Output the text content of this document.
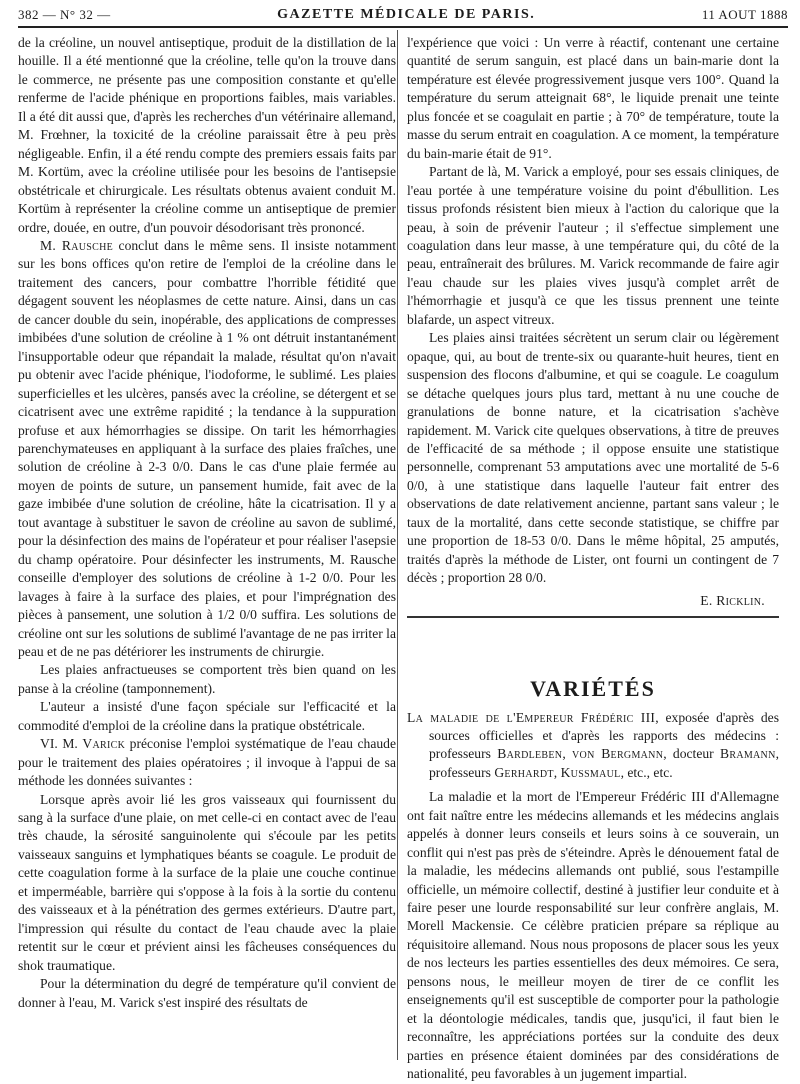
382 — N° 32 —	GAZETTE MÉDICALE DE PARIS.	11 AOUT 1888

de la créoline, un nouvel antiseptique, produit de la distillation de la houille. Il a été mentionné que la créoline, telle qu'on la trouve dans le commerce, ne présente pas une composition constante et qu'elle renferme de l'acide phénique en proportions faibles, mais variables. Il a été dit aussi que, d'après les recherches d'un vétérinaire allemand, M. Frœhner, la toxicité de la créoline paraissait être à peu près négligeable. Enfin, il a été rendu compte des premiers essais faits par M. Kortüm, avec la créoline utilisée pour les besoins de l'antisepsie obstétricale et chirurgicale. Les résultats obtenus avaient conduit M. Kortüm à représenter la créoline comme un antiseptique de premier ordre, douée, en outre, d'un pouvoir désodorisant très prononcé.

M. Rausche conclut dans le même sens. Il insiste notamment sur les bons offices qu'on retire de l'emploi de la créoline dans le traitement des cancers, pour combattre l'horrible fétidité que dégagent souvent les néoplasmes de cette nature. Ainsi, dans un cas de cancer double du sein, inopérable, des applications de compresses imbibées d'une solution de créoline à 1 % ont détruit instantanément l'insupportable odeur que répandait la malade, résultat qu'on n'avait pu obtenir avec l'acide phénique, l'iodoforme, le sublimé. Les plaies superficielles et les ulcères, pansés avec la créoline, se détergent et se cicatrisent avec une extrême rapidité ; la tendance à la suppuration profuse et aux hémorrhagies se dissipe. On tarit les hémorrhagies parenchymateuses en appliquant à la surface des plaies fraîches, une solution de créoline à 2-3 0/0. Dans le cas d'une plaie fermée au moyen de points de suture, un pansement humide, fait avec de la gaze imbibée d'une solution de créoline, hâte la cicatrisation. Il y a tout avantage à substituer le savon de créoline au savon de sublimé, pour la désinfection des mains de l'opérateur et pour réaliser l'asepsie du champ opératoire. Pour désinfecter les instruments, M. Rausche conseille d'employer des solutions de créoline à 1-2 0/0. Pour les lavages à faire à la surface des plaies, et pour l'imprégnation des pièces à pansement, une solution à 1/2 0/0 suffira. Les solutions de créoline ont sur les solutions de sublimé l'avantage de ne pas irriter la peau et de ne pas détériorer les instruments de chirurgie.

Les plaies anfractueuses se comportent très bien quand on les panse à la créoline (tamponnement).

L'auteur a insisté d'une façon spéciale sur l'efficacité et la commodité d'emploi de la créoline dans la pratique obstétricale.

VI. M. Varick préconise l'emploi systématique de l'eau chaude pour le traitement des plaies opératoires ; il invoque à l'appui de sa méthode les données suivantes :

Lorsque après avoir lié les gros vaisseaux qui fournissent du sang à la surface d'une plaie, on met celle-ci en contact avec de l'eau très chaude, la sérosité sanguinolente qui s'écoule par les petits vaisseaux sanguins et lymphatiques béants se coagule. Le produit de cette coagulation forme à la surface de la plaie une couche continue et imperméable, barrière qui s'oppose à la fois à la sortie du contenu des vaisseaux et à la pénétration des germes extérieurs. D'autre part, l'impression qui résulte du contact de l'eau chaude avec la plaie retentit sur le cœur et prévient ainsi les fâcheuses conséquences du shok traumatique.

Pour la détermination du degré de température qu'il convient de donner à l'eau, M. Varick s'est inspiré des résultats de

l'expérience que voici : Un verre à réactif, contenant une certaine quantité de serum sanguin, est placé dans un bain-marie dont la température est élevée progressivement jusque vers 100°. Quand la température du serum atteignait 68°, le liquide prenait une teinte plus foncée et se coagulait en partie ; à 70° de température, toute la masse du serum entrait en coagulation. A ce moment, la température du bain-marie était de 91°.

Partant de là, M. Varick a employé, pour ses essais cliniques, de l'eau portée à une température voisine du point d'ébullition. Les tissus profonds résistent bien mieux à l'action du calorique que la peau, à soin de prévenir l'auteur ; il s'effectue simplement une coagulation dans leur masse, à une température qui, du côté de la peau, entraînerait des brûlures. M. Varick recommande de faire agir l'eau chaude sur les plaies vives jusqu'à complet arrêt de l'hémorrhagie et jusqu'à ce que les tissus prennent une teinte blafarde, un aspect vitreux.

Les plaies ainsi traitées sécrètent un serum clair ou légèrement opaque, qui, au bout de trente-six ou quarante-huit heures, tient en suspension des flocons d'albumine, et qui se coagule. Le coagulum se détache quelques jours plus tard, mettant à nu une couche de granulations de bonne nature, et la cicatrisation s'achève rapidement. M. Varick cite quelques observations, à titre de preuves de l'efficacité de sa méthode ; il oppose ensuite une statistique personnelle, comprenant 53 amputations avec une mortalité de 5-6 0/0, à une statistique dans laquelle l'auteur fait entrer des observations de date relativement ancienne, partant sans valeur ; le taux de la mortalité, dans cette seconde statistique, se chiffre par une proportion de 18-53 0/0. Dans le même hôpital, 25 amputés, traités d'après la méthode de Lister, ont fourni un contingent de 7 décès ; proportion 28 0/0.

E. Ricklin.
VARIÉTÉS

La maladie de l'Empereur Frédéric III, exposée d'après des sources officielles et d'après les rapports des médecins : professeurs Bardleben, von Bergmann, docteur Bramann, professeurs Gerhardt, Kussmaul, etc., etc.

La maladie et la mort de l'Empereur Frédéric III d'Allemagne ont fait naître entre les médecins allemands et les médecins anglais appelés à donner leurs conseils et leurs soins à ce souverain, un conflit qui n'est pas près de s'éteindre. Après le dénouement fatal de la maladie, les médecins allemands ont publié, sous l'estampille officielle, un mémoire collectif, destiné à justifier leur conduite et à faire peser une lourde responsabilité sur leur confrère anglais, M. Morell Mackensie. Ce célèbre praticien prépare sa réplique au réquisitoire allemand. Nous nous proposons de placer sous les yeux de nos lecteurs les parties essentielles des deux mémoires. Ce sera, pensons nous, le meilleur moyen de tirer de ce conflit les enseignements qu'il est susceptible de comporter pour la pathologie et la déontologie médicales, tandis que, jusqu'ici, il faut bien le reconnaître, les appréciations portées sur la conduite des deux parties en présence étaient dominées par des considérations de nationalité, peu favorables à un jugement impartial.
